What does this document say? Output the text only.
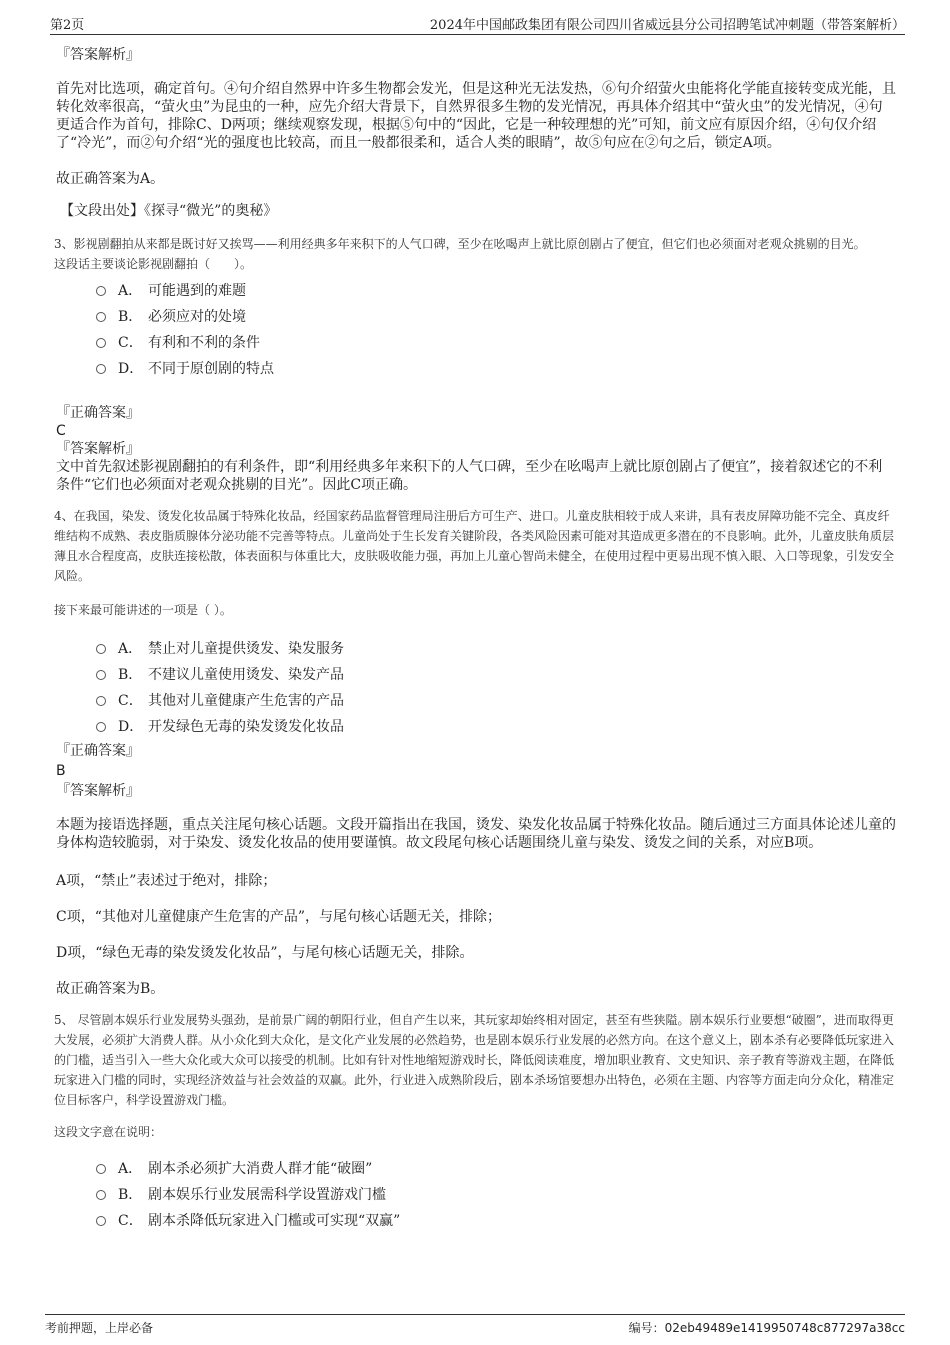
第2页	2024年中国邮政集团有限公司四川省威远县分公司招聘笔试冲刺题（带答案解析）

『答案解析』

首先对比选项，确定首句。④句介绍自然界中许多生物都会发光，但是这种光无法发热，⑥句介绍萤火虫能将化学能直接转变成光能，且转化效率很高，“萤火虫”为昆虫的一种，应先介绍大背景下，自然界很多生物的发光情况，再具体介绍其中“萤火虫”的发光情况，④句更适合作为首句，排除C、D两项；继续观察发现，根据⑤句中的“因此，它是一种较理想的光”可知，前文应有原因介绍，④句仅介绍了“冷光”，而②句介绍“光的强度也比较高，而且一般都很柔和，适合人类的眼睛”，故⑤句应在②句之后，锁定A项。

故正确答案为A。

【文段出处】《探寻“微光”的奥秘》

3、影视剧翻拍从来都是既讨好又挨骂——利用经典多年来积下的人气口碑，至少在吆喝声上就比原创剧占了便宜，但它们也必须面对老观众挑剔的目光。

这段话主要谈论影视剧翻拍（　　）。

A． 可能遇到的难题
B． 必须应对的处境
C． 有利和不利的条件
D． 不同于原创剧的特点

『正确答案』

C

『答案解析』

文中首先叙述影视剧翻拍的有利条件，即“利用经典多年来积下的人气口碑，至少在吆喝声上就比原创剧占了便宜”，接着叙述它的不利条件“它们也必须面对老观众挑剔的目光”。因此C项正确。

4、在我国，染发、烫发化妆品属于特殊化妆品，经国家药品监督管理局注册后方可生产、进口。儿童皮肤相较于成人来讲，具有表皮屏障功能不完全、真皮纤维结构不成熟、表皮脂质腺体分泌功能不完善等特点。儿童尚处于生长发育关键阶段，各类风险因素可能对其造成更多潜在的不良影响。此外，儿童皮肤角质层薄且水合程度高，皮肤连接松散，体表面积与体重比大，皮肤吸收能力强，再加上儿童心智尚未健全，在使用过程中更易出现不慎入眼、入口等现象，引发安全风险。

接下来最可能讲述的一项是（ ）。

A． 禁止对儿童提供烫发、染发服务
B． 不建议儿童使用烫发、染发产品
C． 其他对儿童健康产生危害的产品
D． 开发绿色无毒的染发烫发化妆品

『正确答案』

B

『答案解析』

本题为接语选择题，重点关注尾句核心话题。文段开篇指出在我国，烫发、染发化妆品属于特殊化妆品。随后通过三方面具体论述儿童的身体构造较脆弱，对于染发、烫发化妆品的使用要谨慎。故文段尾句核心话题围绕儿童与染发、烫发之间的关系，对应B项。

A项，“禁止”表述过于绝对，排除；

C项，“其他对儿童健康产生危害的产品”，与尾句核心话题无关，排除；

D项，“绿色无毒的染发烫发化妆品”，与尾句核心话题无关，排除。

故正确答案为B。

5、 尽管剧本娱乐行业发展势头强劲，是前景广阔的朝阳行业，但自产生以来，其玩家却始终相对固定，甚至有些狭隘。剧本娱乐行业要想“破圈”，进而取得更大发展，必须扩大消费人群。从小众化到大众化，是文化产业发展的必然趋势，也是剧本娱乐行业发展的必然方向。在这个意义上，剧本杀有必要降低玩家进入的门槛，适当引入一些大众化或大众可以接受的机制。比如有针对性地缩短游戏时长，降低阅读难度，增加职业教育、文史知识、亲子教育等游戏主题，在降低玩家进入门槛的同时，实现经济效益与社会效益的双赢。此外，行业进入成熟阶段后，剧本杀场馆要想办出特色，必须在主题、内容等方面走向分众化，精准定位目标客户，科学设置游戏门槛。

这段文字意在说明：

A． 剧本杀必须扩大消费人群才能“破圈”
B． 剧本娱乐行业发展需科学设置游戏门槛
C． 剧本杀降低玩家进入门槛或可实现“双赢”
考前押题，上岸必备	编号：02eb49489e1419950748c877297a38cc
